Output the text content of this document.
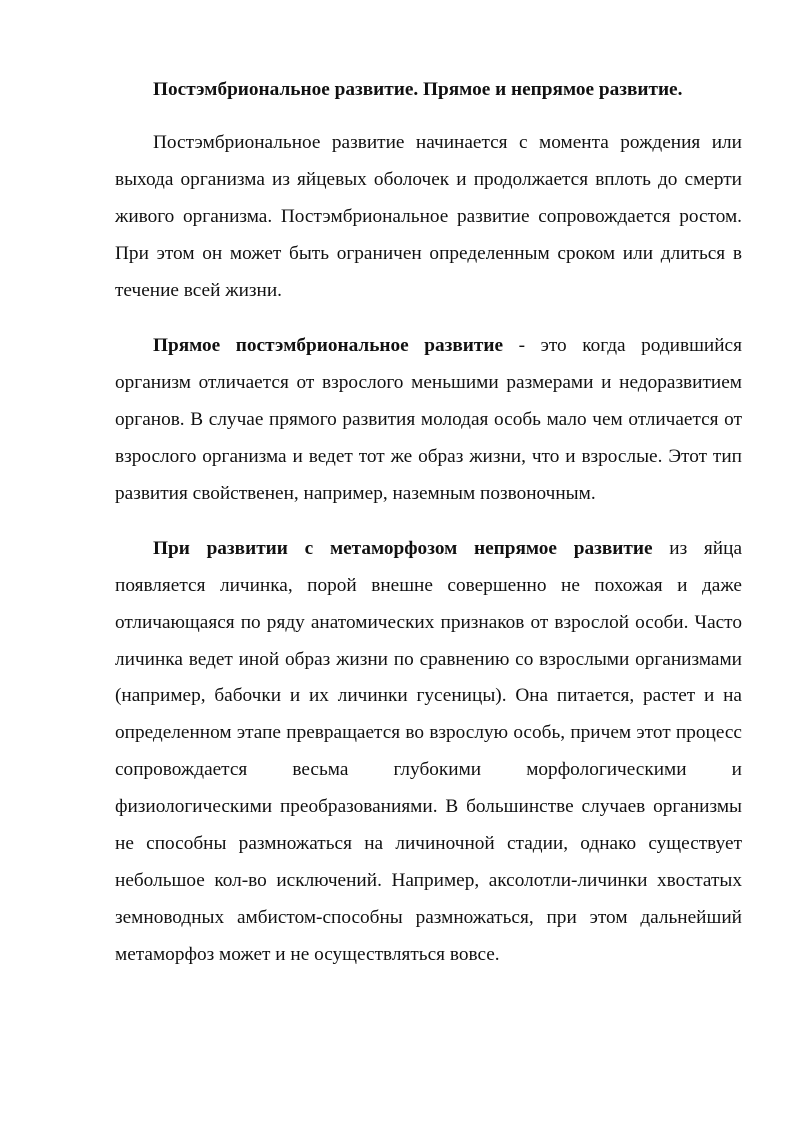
Постэмбриональное развитие. Прямое и непрямое развитие.

Постэмбриональное развитие начинается с момента рождения или выхода организма из яйцевых оболочек и продолжается вплоть до смерти живого организма. Постэмбриональное развитие сопровождается ростом. При этом он может быть ограничен определенным сроком или длиться в течение всей жизни.

Прямое постэмбриональное развитие - это когда родившийся организм отличается от взрослого меньшими размерами и недоразвитием органов. В случае прямого развития молодая особь мало чем отличается от взрослого организма и ведет тот же образ жизни, что и взрослые. Этот тип развития свойственен, например, наземным позвоночным.

При развитии с метаморфозом непрямое развитие из яйца появляется личинка, порой внешне совершенно не похожая и даже отличающаяся по ряду анатомических признаков от взрослой особи. Часто личинка ведет иной образ жизни по сравнению со взрослыми организмами (например, бабочки и их личинки гусеницы). Она питается, растет и на определенном этапе превращается во взрослую особь, причем этот процесс сопровождается весьма глубокими морфологическими и физиологическими преобразованиями. В большинстве случаев организмы не способны размножаться на личиночной стадии, однако существует небольшое кол-во исключений. Например, аксолотли-личинки хвостатых земноводных амбистом-способны размножаться, при этом дальнейший метаморфоз может и не осуществляться вовсе.
